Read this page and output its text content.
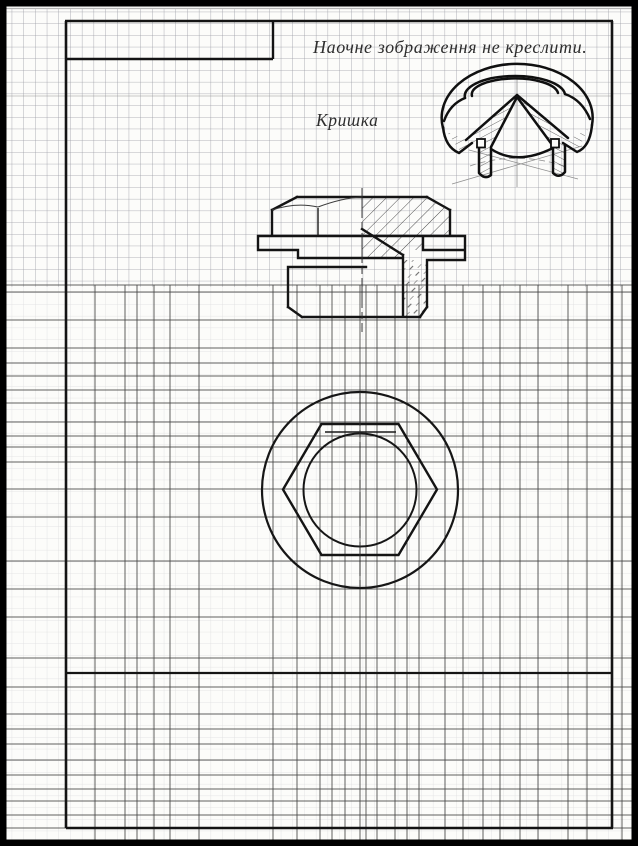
Наочне зображення не креслити.
Кришка
